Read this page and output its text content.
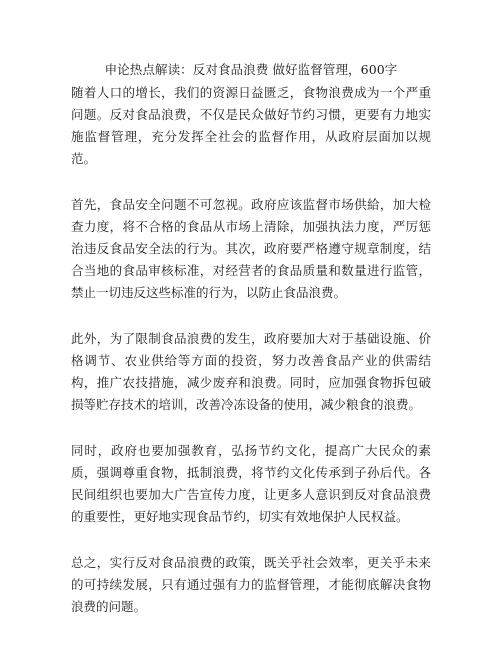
申论热点解读：反对食品浪费 做好监督管理，600字

随着人口的增长，我们的资源日益匮乏，食物浪费成为一个严重问题。反对食品浪费，不仅是民众做好节约习惯，更要有力地实施监督管理，充分发挥全社会的监督作用，从政府层面加以规范。

首先，食品安全问题不可忽视。政府应该监督市场供給，加大检查力度，将不合格的食品从市场上清除，加强执法力度，严厉惩治违反食品安全法的行为。其次，政府要严格遵守规章制度，结合当地的食品审核标准，对经营者的食品质量和数量进行监管，禁止一切违反这些标准的行为，以防止食品浪费。

此外，为了限制食品浪费的发生，政府要加大对于基础设施、价格调节、农业供给等方面的投资，努力改善食品产业的供需结构，推广农技措施，减少废弃和浪费。同时，应加强食物拆包破损等贮存技术的培训，改善冷冻设备的使用，减少粮食的浪费。

同时，政府也要加强教育，弘扬节约文化，提高广大民众的素质，强调尊重食物，抵制浪费，将节约文化传承到子孙后代。各民间组织也要加大广告宣传力度，让更多人意识到反对食品浪费的重要性，更好地实现食品节约，切实有效地保护人民权益。

总之，实行反对食品浪费的政策，既关乎社会效率，更关乎未来的可持续发展，只有通过强有力的监督管理，才能彻底解决食物浪费的问题。
